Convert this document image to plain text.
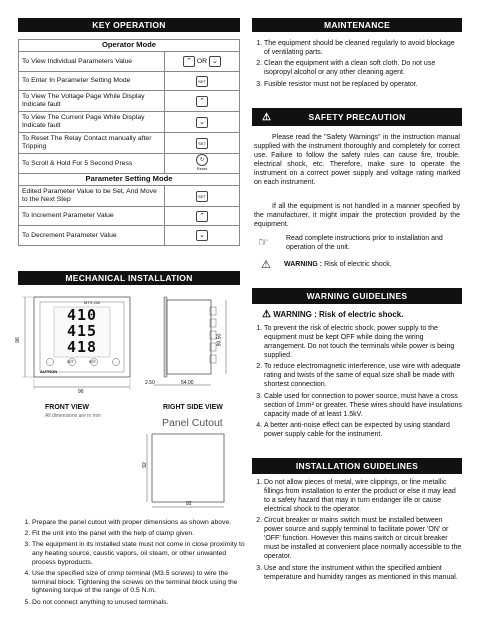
KEY OPERATION
Operator Mode	
To View Individual Parameters Value	⌃ OR ⌄
To Enter In Parameter Setting Mode	SET
To View The Voltage Page While Display Indicate fault	⌃
To View The Current Page While Display Indicate fault	⌄
To Reset The Relay Contact manually after Tripping	SET
To Scroll & Hold For 5 Second Press	↻
Reset
Parameter Setting Mode	
Edited Parameter Value to be Set, And Move to the Next Step	SET
To Increment Parameter Value	⌃
To Decrement Parameter Value	⌄
MECHANICAL INSTALLATION
MTS 202
410
415
418
SET	RST
AUTRON
96
96
FRONT VIEW
All dimensions are in mm
90.50
2.50	54.00
RIGHT SIDE VIEW
Panel Cutout
92
92
1. Prepare the panel cutout with proper dimensions as shown above.
2. Fit the unit into the panel with the help of clamp given.
3. The equipment in its installed state must not come in close proximity to any heating source, caustic vapors, oil steam, or other unwanted process byproducts.
4. Use the specified size of crimp terminal (M3.5 screws) to wire the terminal block. Tightening the screws on the terminal block using the tightening torque of the range of 0.5 N.m.
5. Do not connect anything to unused terminals.
MAINTENANCE
1. The equipment should be cleaned regularly to avoid blockage of ventilating parts.
2. Clean the equipment with a clean soft cloth. Do not use isopropyl alcohol or any other cleaning agent.
3. Fusible resistor must not be replaced by operator.
⚠	SAFETY PRECAUTION
Please read the "Safety Warnings" in the instruction manual supplied with the instrument thoroughly and completely for correct use. Failure to follow the safety rules can cause fire, trouble, electrical shock, etc. Therefore, make sure to operate the instrument on a correct power supply and voltage rating marked on each instrument.
If all the equipment is not handled in a manner specified by the manufacturer, it might impair the protection provided by the equipment.
☞ Read complete instructions prior to installation and operation of the unit.
⚠ WARNING : Risk of electric shock.
WARNING GUIDELINES
⚠ WARNING : Risk of electric shock.
1. To prevent the risk of electric shock, power supply to the equipment must be kept OFF while doing the wiring arrangement. Do not touch the terminals while power is being supplied.
2. To reduce electromagnetic interference, use wire with adequate rating and twists of the same of equal size shall be made with shortest connection.
3. Cable used for connection to power source, must have a cross section of 1mm² or greater. These wires should have insulations capacity made of at least 1.5kV.
4. A better anti-noise effect can be expected by using standard power supply cable for the instrument.
INSTALLATION GUIDELINES
1. Do not allow pieces of metal, wire clippings, or fine metallic fillings from installation to enter the product or else it may lead to a safety hazard that may in turn endanger life or cause electrical shock to the operator.
2. Circuit breaker or mains switch must be installed between power source and supply terminal to facilitate power 'ON' or 'OFF' function. However this mains switch or circuit breaker must be installed at convenient place normally accessible to the operator.
3. Use and store the instrument within the specified ambient temperature and humidity ranges as mentioned in this manual.
